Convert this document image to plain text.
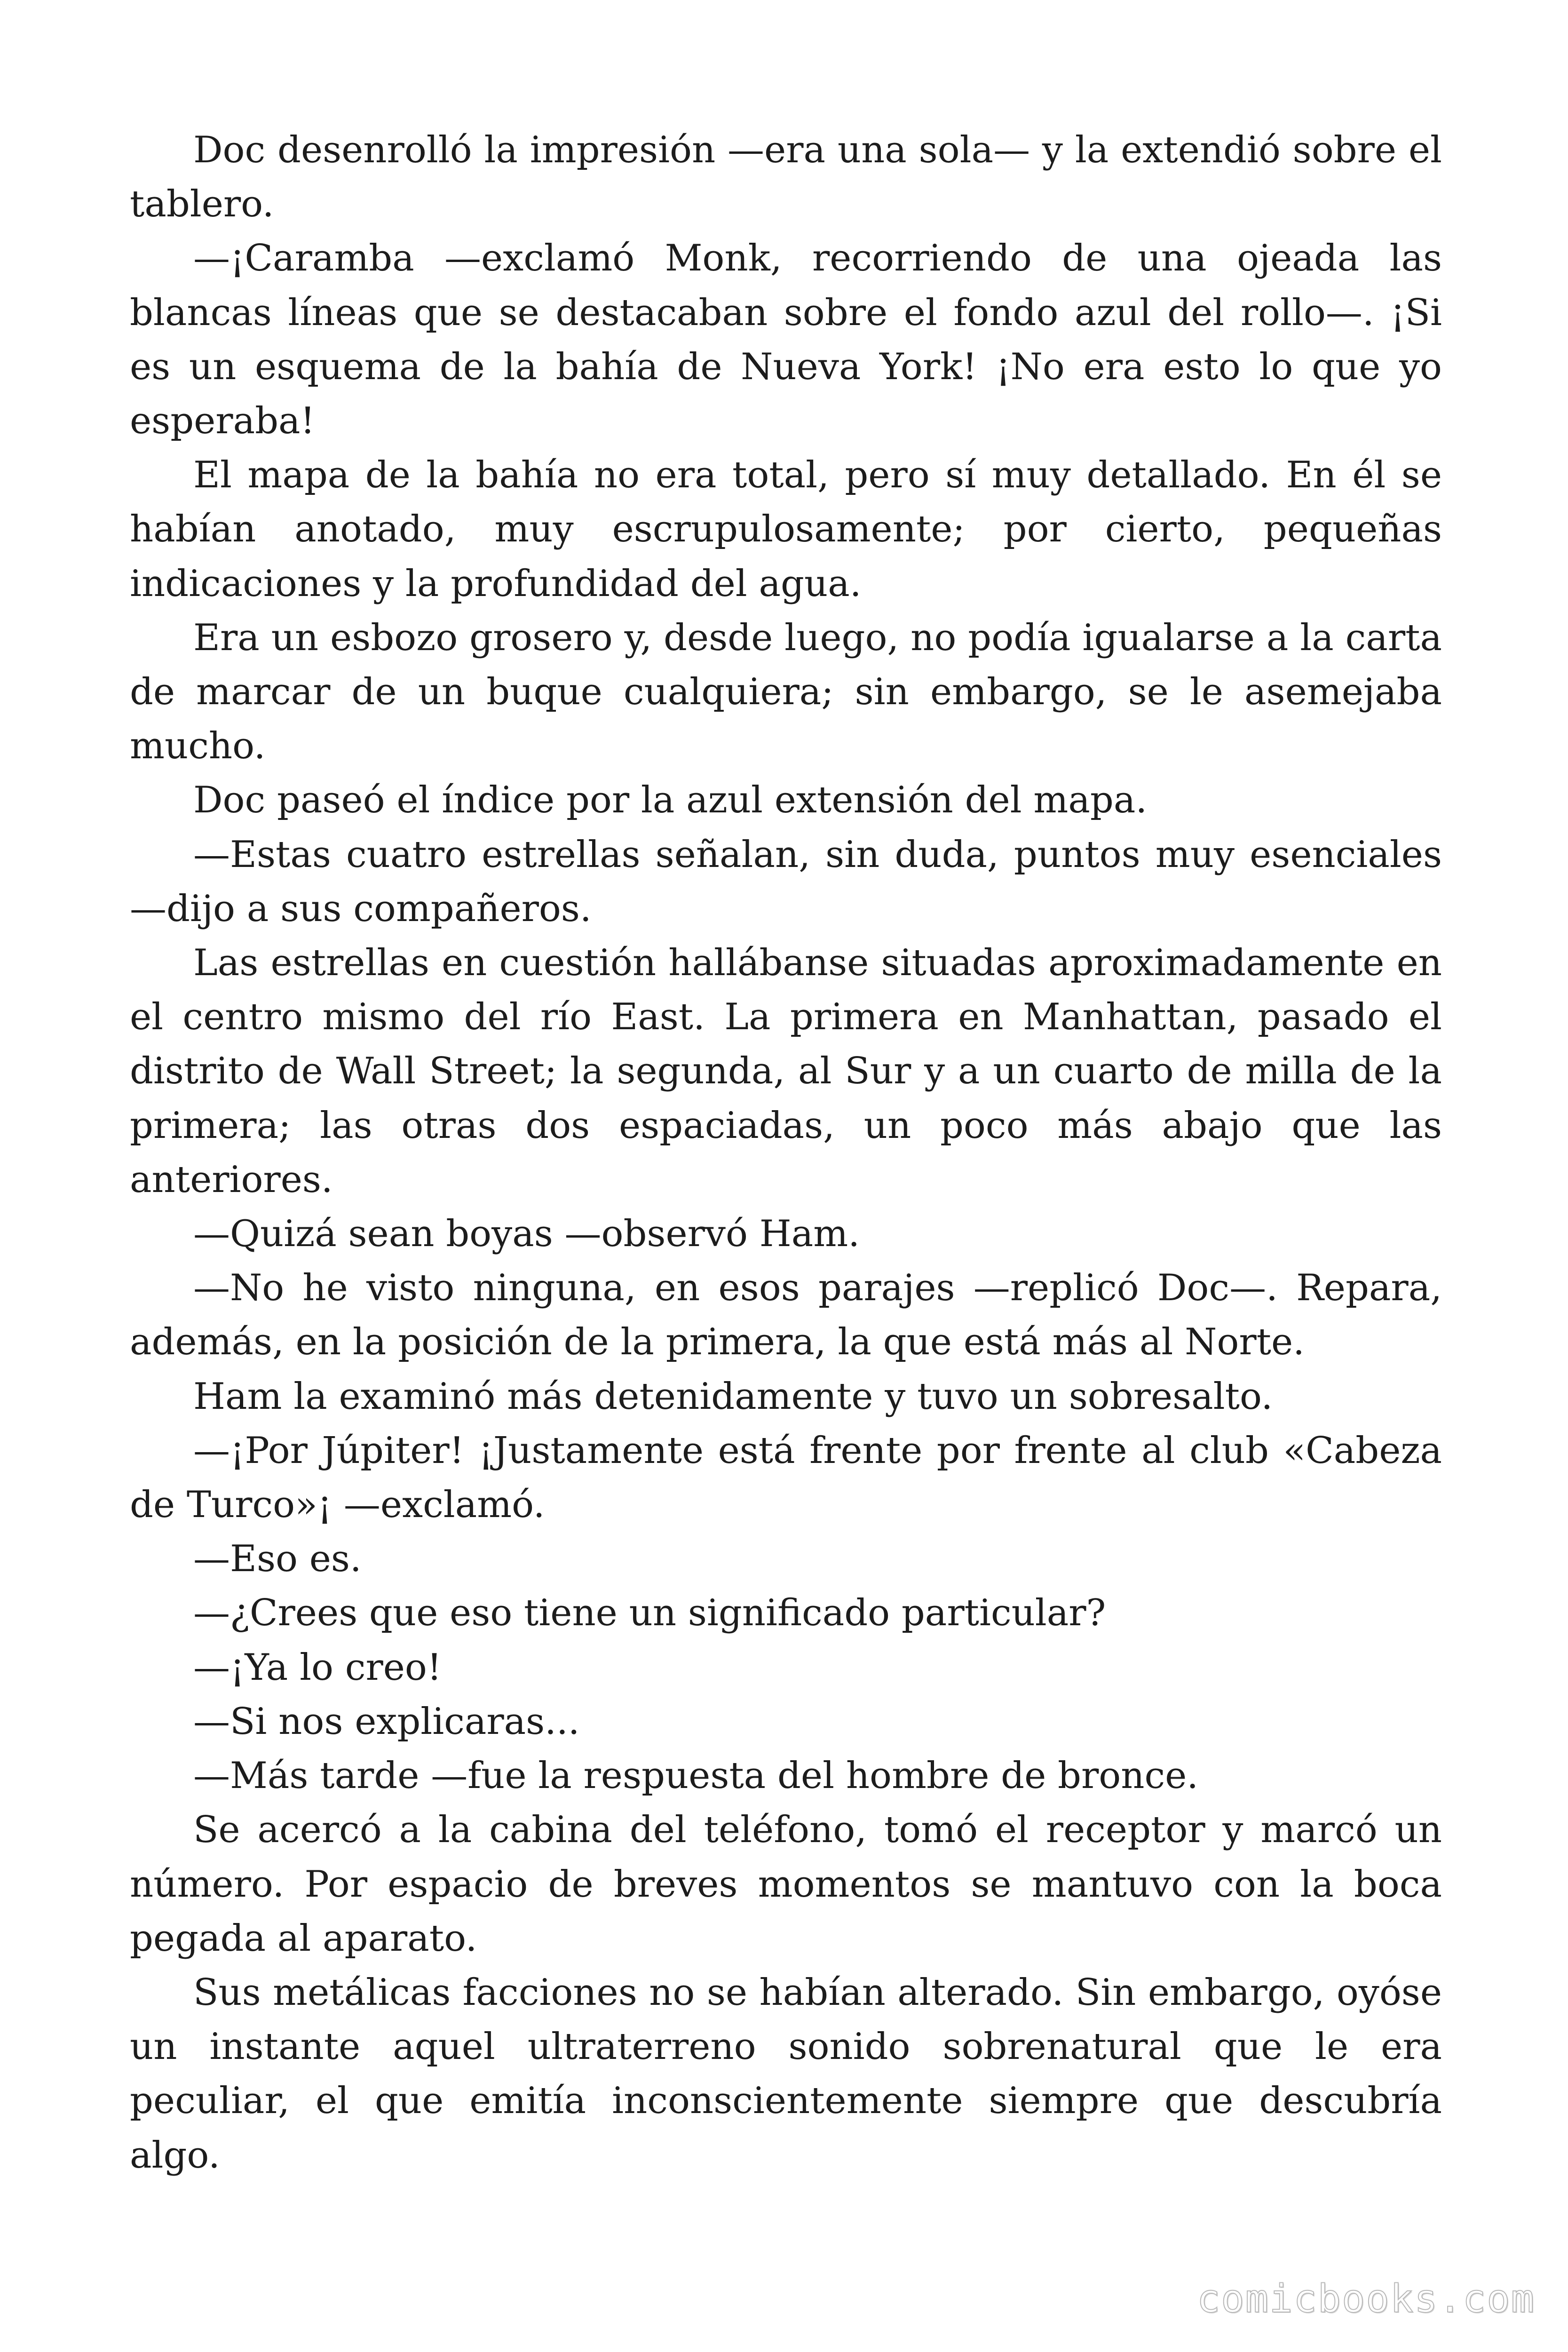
Doc desenrolló la impresión —era una sola— y la extendió sobre el tablero.

—¡Caramba —exclamó Monk, recorriendo de una ojeada las blancas líneas que se destacaban sobre el fondo azul del rollo—. ¡Si es un esquema de la bahía de Nueva York! ¡No era esto lo que yo esperaba!

El mapa de la bahía no era total, pero sí muy detallado. En él se habían anotado, muy escrupulosamente; por cierto, pequeñas indicaciones y la profundidad del agua.

Era un esbozo grosero y, desde luego, no podía igualarse a la carta de marcar de un buque cualquiera; sin embargo, se le asemejaba mucho.

Doc paseó el índice por la azul extensión del mapa.

—Estas cuatro estrellas señalan, sin duda, puntos muy esenciales —dijo a sus compañeros.

Las estrellas en cuestión hallábanse situadas aproximadamente en el centro mismo del río East. La primera en Manhattan, pasado el distrito de Wall Street; la segunda, al Sur y a un cuarto de milla de la primera; las otras dos espaciadas, un poco más abajo que las anteriores.

—Quizá sean boyas —observó Ham.

—No he visto ninguna, en esos parajes —replicó Doc—. Repara, además, en la posición de la primera, la que está más al Norte.

Ham la examinó más detenidamente y tuvo un sobresalto.

—¡Por Júpiter! ¡Justamente está frente por frente al club «Cabeza de Turco»¡ —exclamó.

—Eso es.

—¿Crees que eso tiene un significado particular?

—¡Ya lo creo!

—Si nos explicaras...

—Más tarde —fue la respuesta del hombre de bronce.

Se acercó a la cabina del teléfono, tomó el receptor y marcó un número. Por espacio de breves momentos se mantuvo con la boca pegada al aparato.

Sus metálicas facciones no se habían alterado. Sin embargo, oyóse un instante aquel ultraterreno sonido sobrenatural que le era peculiar, el que emitía inconscientemente siempre que descubría algo.

comicbooks.com
